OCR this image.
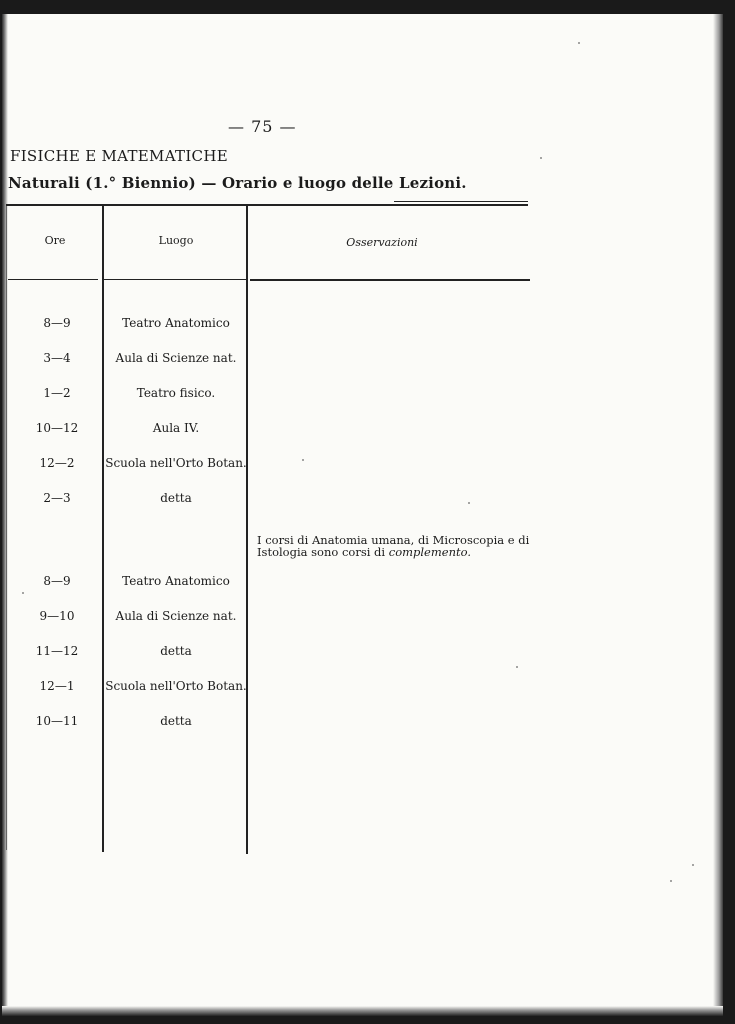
— 75 —
FISICHE E MATEMATICHE
Naturali (1.° Biennio) — Orario e luogo delle Lezioni.
Ore	Luogo	Osservazioni
8—9	Teatro Anatomico
3—4	Aula di Scienze nat.
1—2	Teatro fisico.
10—12	Aula IV.
12—2	Scuola nell'Orto Botan.
2—3	detta
I corsi di Anatomia umana, di Microscopia e di Istologia sono corsi di complemento.
8—9	Teatro Anatomico
9—10	Aula di Scienze nat.
11—12	detta
12—1	Scuola nell'Orto Botan.
10—11	detta
